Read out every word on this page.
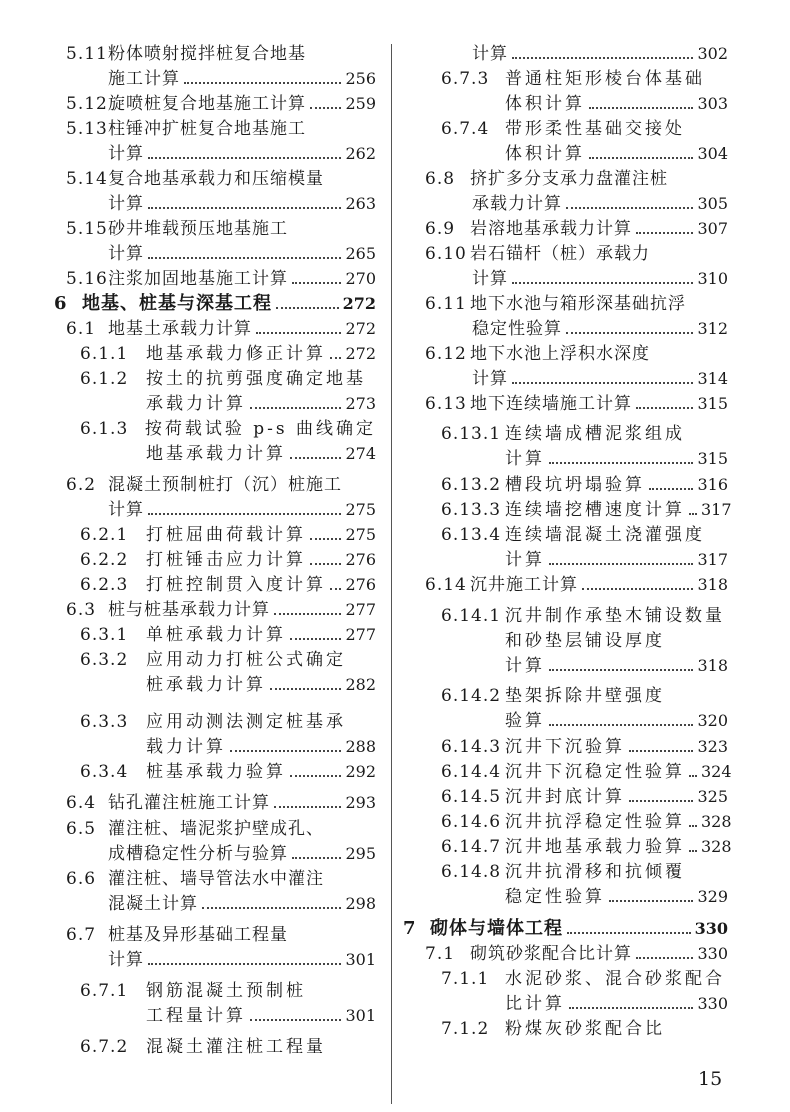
5.11 粉体喷射搅拌桩复合地基
施工计算	256
5.12 旋喷桩复合地基施工计算 259
5.13 柱锤冲扩桩复合地基施工
计算	262
5.14 复合地基承载力和压缩模量
计算	263
5.15 砂井堆载预压地基施工
计算	265
5.16 注浆加固地基施工计算	270
6 地基、桩基与深基工程	272
6.1 地基土承载力计算	272
6.1.1	地基承载力修正计算 272
6.1.2	按土的抗剪强度确定地基
承载力计算	273
6.1.3 按荷载试验 p-s 曲线确定
地基承载力计算	274
6.2 混凝土预制桩打（沉）桩施工
计算	275
6.2.1	打桩屈曲荷载计算 275
6.2.2	打桩锤击应力计算 276
6.2.3	打桩控制贯入度计算 276
6.3 桩与桩基承载力计算	277
6.3.1	单桩承载力计算	277
6.3.2	应用动力打桩公式确定
桩承载力计算	282
6.3.3	应用动测法测定桩基承
载力计算	288
6.3.4	桩基承载力验算	292
6.4 钻孔灌注桩施工计算	293
6.5 灌注桩、墙泥浆护壁成孔、
成槽稳定性分析与验算	295
6.6 灌注桩、墙导管法水中灌注
混凝土计算	298
6.7 桩基及异形基础工程量
计算	301
6.7.1	钢筋混凝土预制桩
工程量计算	301
6.7.2	混凝土灌注桩工程量
计算	302
6.7.3 普通柱矩形棱台体基础
体积计算	303
6.7.4 带形柔性基础交接处
体积计算	304
6.8 挤扩多分支承力盘灌注桩
承载力计算	305
6.9 岩溶地基承载力计算	307
6.10 岩石锚杆（桩）承载力
计算	310
6.11 地下水池与箱形深基础抗浮
稳定性验算	312
6.12 地下水池上浮积水深度
计算	314
6.13 地下连续墙施工计算	315
6.13.1 连续墙成槽泥浆组成
计算	315
6.13.2 槽段坑坍塌验算	316
6.13.3 连续墙挖槽速度计算 317
6.13.4 连续墙混凝土浇灌强度
计算	317
6.14 沉井施工计算	318
6.14.1 沉井制作承垫木铺设数量
和砂垫层铺设厚度
计算	318
6.14.2 垫架拆除井壁强度
验算	320
6.14.3 沉井下沉验算	323
6.14.4 沉井下沉稳定性验算 324
6.14.5 沉井封底计算	325
6.14.6 沉井抗浮稳定性验算 328
6.14.7 沉井地基承载力验算 328
6.14.8 沉井抗滑移和抗倾覆
稳定性验算	329
7 砌体与墙体工程	330
7.1 砌筑砂浆配合比计算	330
7.1.1 水泥砂浆、混合砂浆配合
比计算	330
7.1.2 粉煤灰砂浆配合比
15
